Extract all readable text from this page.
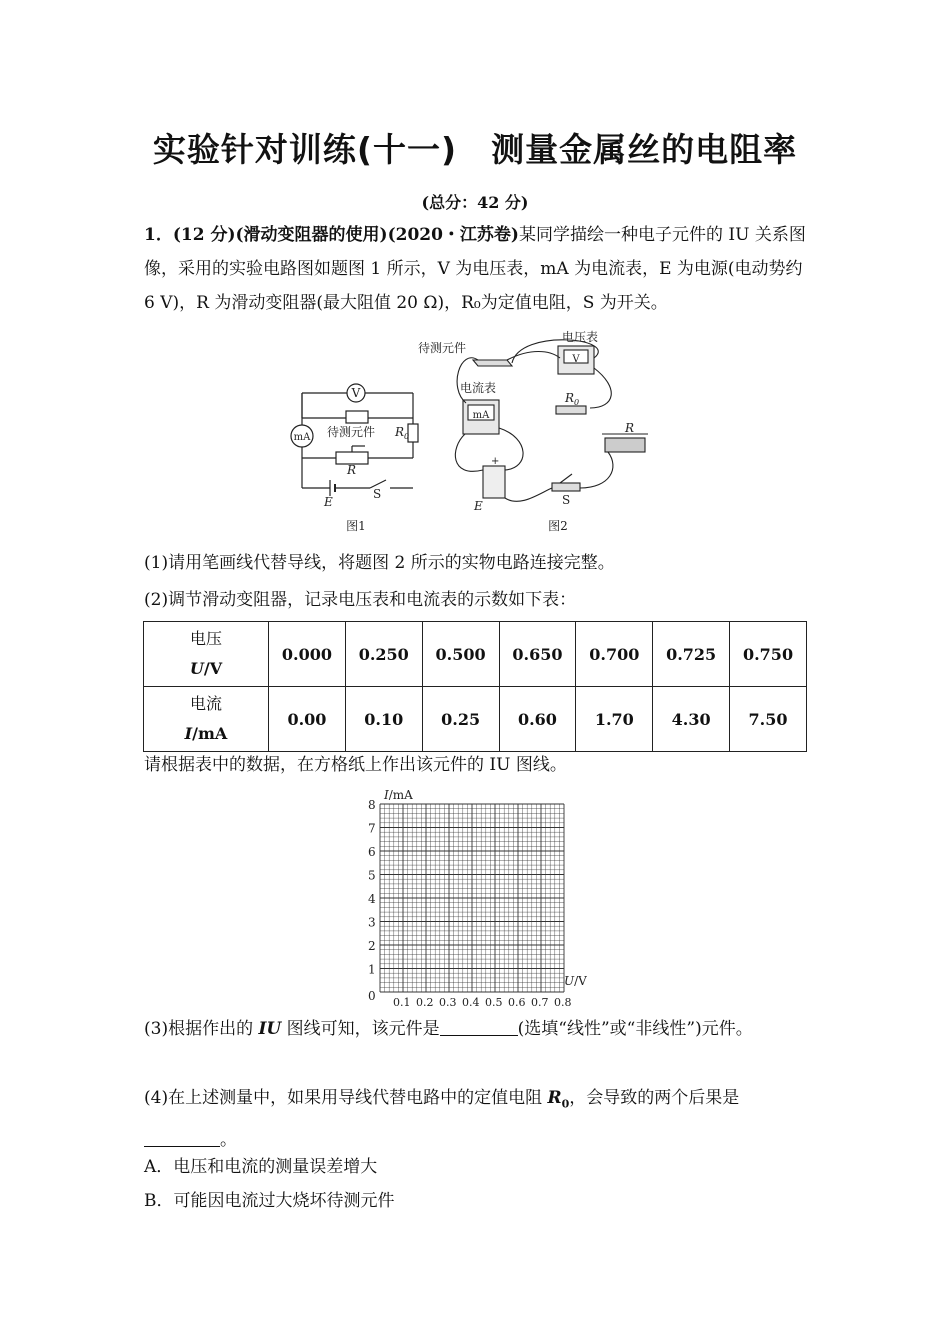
实验针对训练(十一)　测量金属丝的电阻率
(总分：42 分)
1．(12 分)(滑动变阻器的使用)(2020・江苏卷)某同学描绘一种电子元件的 IU 关系图像，采用的实验电路图如题图 1 所示，V 为电压表，mA 为电流表，E 为电源(电动势约 6 V)，R 为滑动变阻器(最大阻值 20 Ω)，R₀为定值电阻，S 为开关。
V
mA 待测元件 $R_0$
R
E
S
图1
待测元件
电压表
电流表
V
mA
$R_0$
R
+
E	S
图2
(1)请用笔画线代替导线，将题图 2 所示的实物电路连接完整。
(2)调节滑动变阻器，记录电压表和电流表的示数如下表：
电压
U/V	0.000	0.250	0.500	0.650	0.700	0.725	0.750
电流
I/mA	0.00	0.10	0.25	0.60	1.70	4.30	7.50
请根据表中的数据，在方格纸上作出该元件的 IU 图线。
I/mA
U/V
0
1
2
3
4
5
6
7
8
0.1 0.2 0.3 0.4 0.5 0.6 0.7 0.8
(3)根据作出的 IU 图线可知，该元件是	(选填“线性”或“非线性”)元件。
(4)在上述测量中，如果用导线代替电路中的定值电阻 $R_0$，会导致的两个后果是
。
A．电压和电流的测量误差增大
B．可能因电流过大烧坏待测元件
